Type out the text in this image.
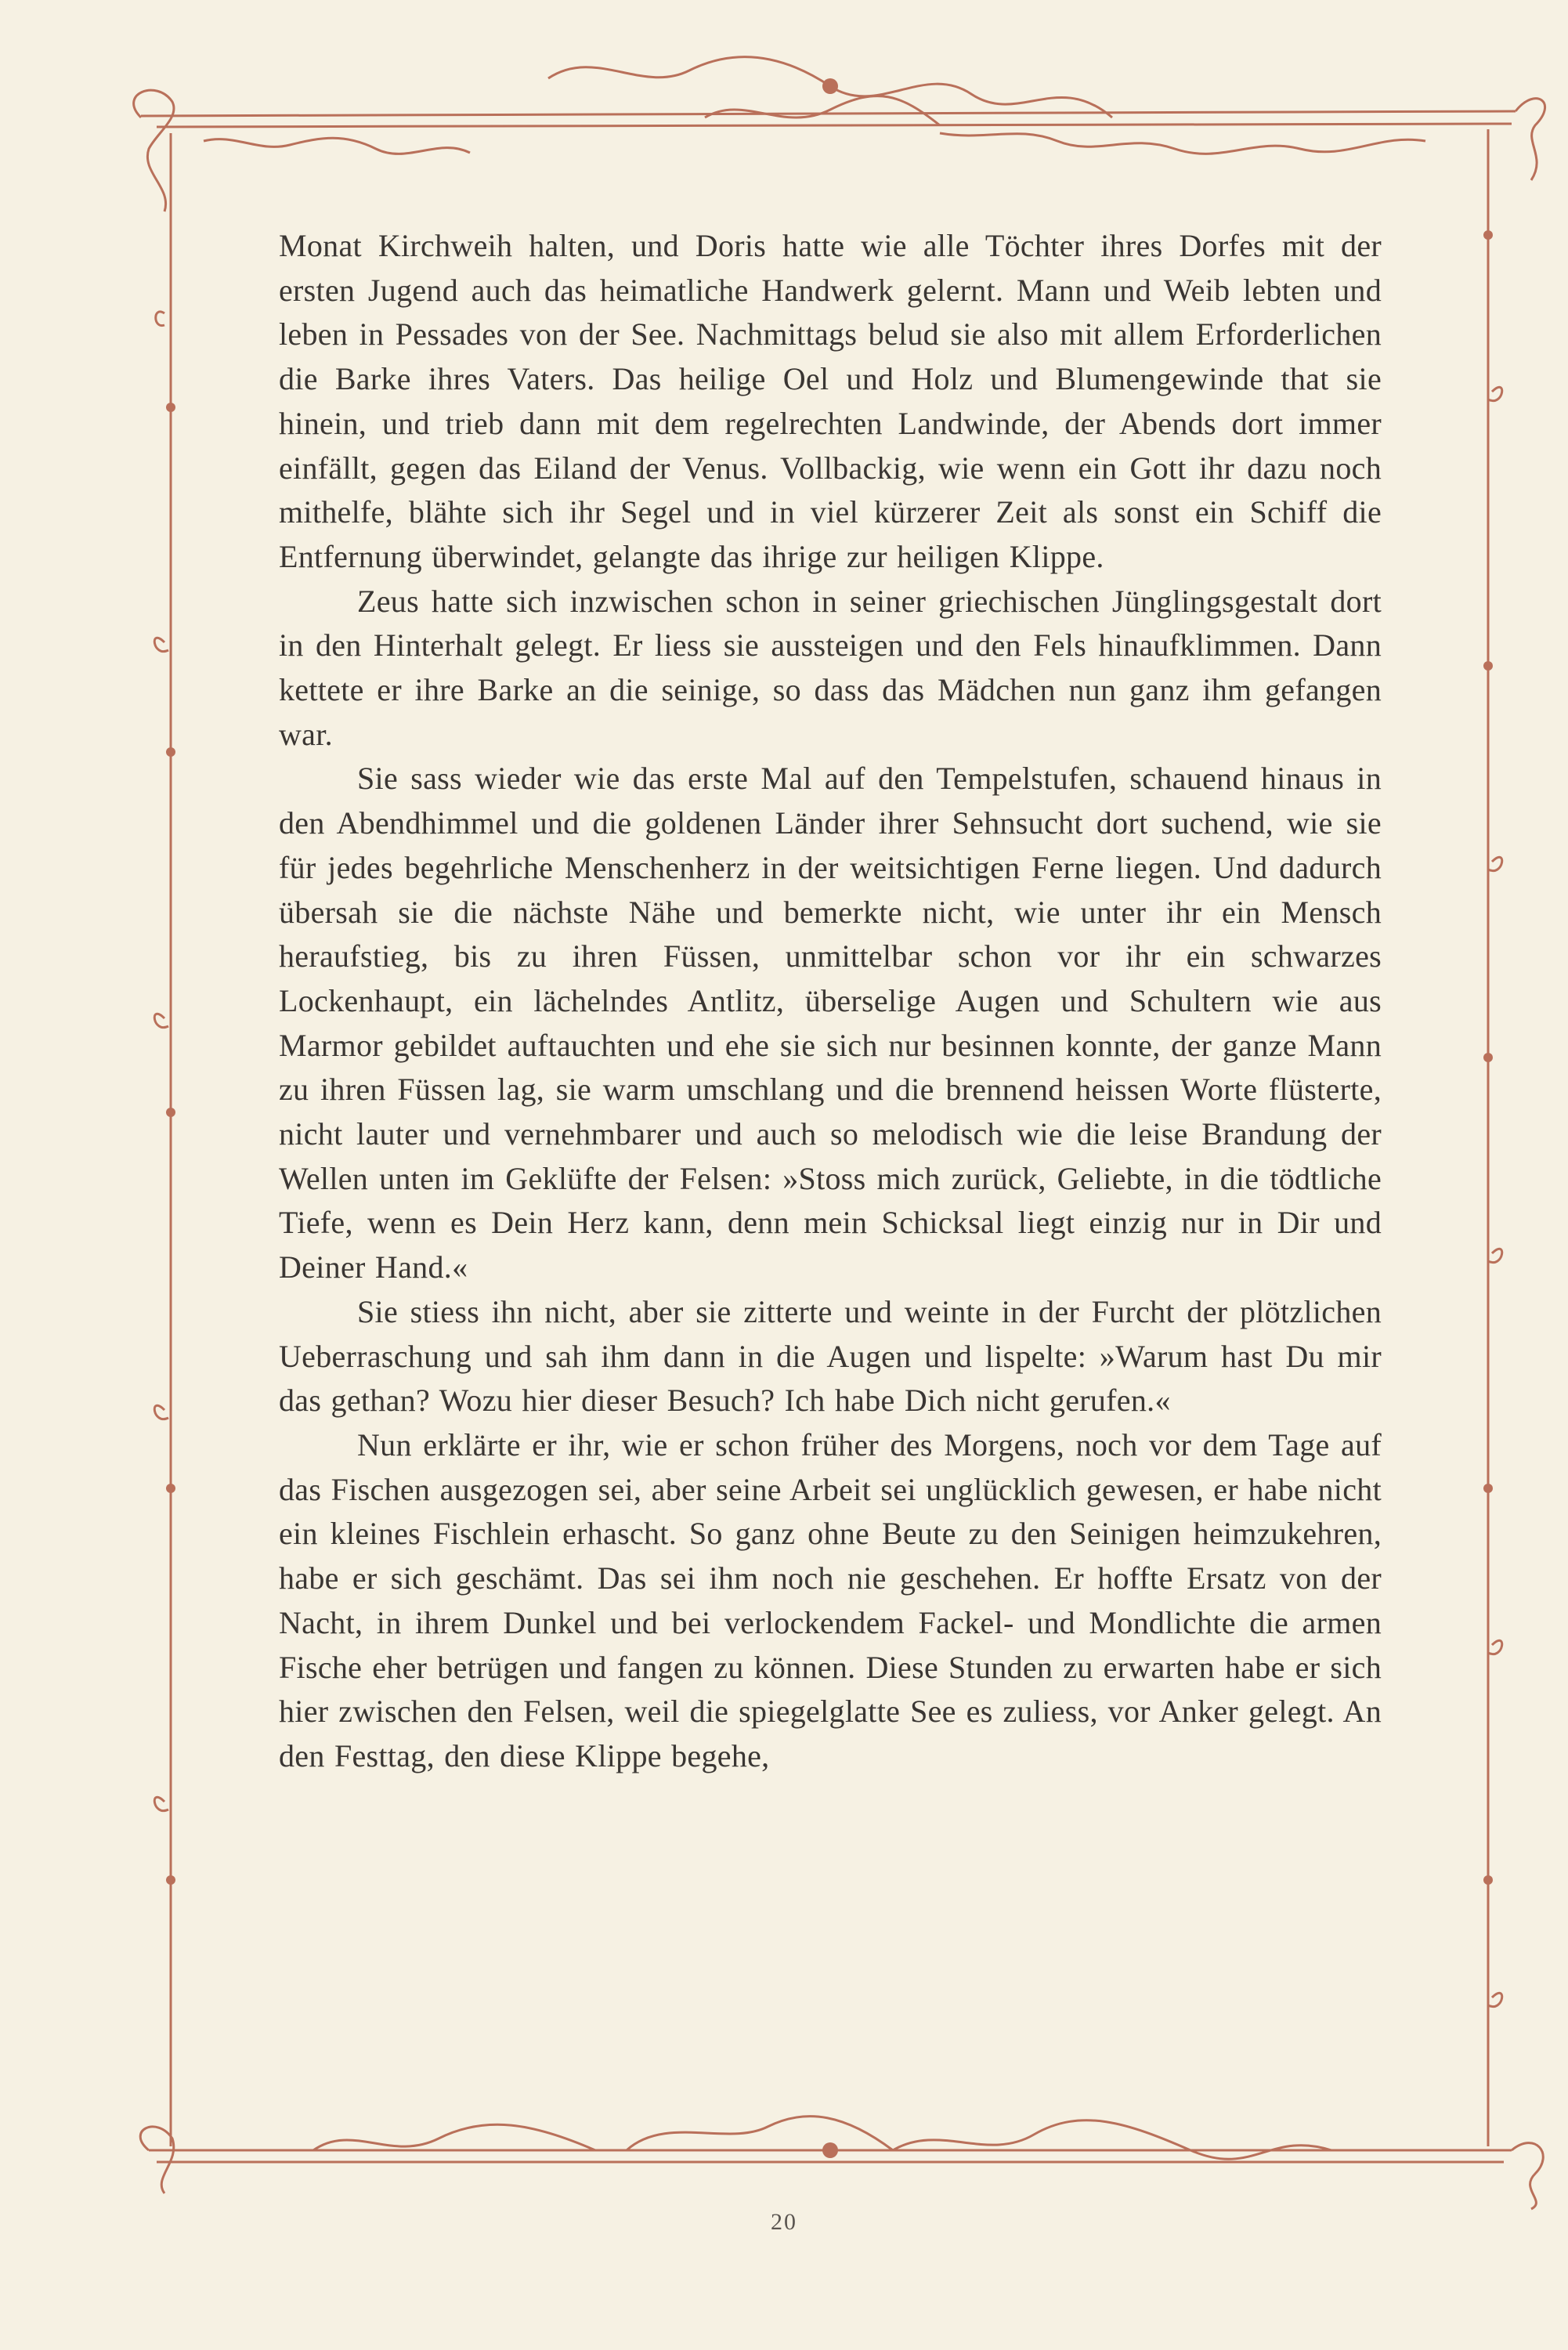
Monat Kirchweih halten, und Doris hatte wie alle Töchter ihres Dorfes mit der ersten Jugend auch das heimatliche Handwerk gelernt. Mann und Weib lebten und leben in Pessades von der See. Nachmittags belud sie also mit allem Erforderlichen die Barke ihres Vaters. Das heilige Oel und Holz und Blumengewinde that sie hinein, und trieb dann mit dem regelrechten Landwinde, der Abends dort immer einfällt, gegen das Eiland der Venus. Vollbackig, wie wenn ein Gott ihr dazu noch mithelfe, blähte sich ihr Segel und in viel kürzerer Zeit als sonst ein Schiff die Entfernung überwindet, gelangte das ihrige zur heiligen Klippe.

Zeus hatte sich inzwischen schon in seiner griechischen Jünglingsgestalt dort in den Hinterhalt gelegt. Er liess sie aussteigen und den Fels hinaufklimmen. Dann kettete er ihre Barke an die seinige, so dass das Mädchen nun ganz ihm gefangen war.

Sie sass wieder wie das erste Mal auf den Tempelstufen, schauend hinaus in den Abendhimmel und die goldenen Länder ihrer Sehnsucht dort suchend, wie sie für jedes begehrliche Menschenherz in der weitsichtigen Ferne liegen. Und dadurch übersah sie die nächste Nähe und bemerkte nicht, wie unter ihr ein Mensch heraufstieg, bis zu ihren Füssen, unmittelbar schon vor ihr ein schwarzes Lockenhaupt, ein lächelndes Antlitz, überselige Augen und Schultern wie aus Marmor gebildet auftauchten und ehe sie sich nur besinnen konnte, der ganze Mann zu ihren Füssen lag, sie warm umschlang und die brennend heissen Worte flüsterte, nicht lauter und vernehmbarer und auch so melodisch wie die leise Brandung der Wellen unten im Geklüfte der Felsen: »Stoss mich zurück, Geliebte, in die tödtliche Tiefe, wenn es Dein Herz kann, denn mein Schicksal liegt einzig nur in Dir und Deiner Hand.«

Sie stiess ihn nicht, aber sie zitterte und weinte in der Furcht der plötzlichen Ueberraschung und sah ihm dann in die Augen und lispelte: »Warum hast Du mir das gethan? Wozu hier dieser Besuch? Ich habe Dich nicht gerufen.«

Nun erklärte er ihr, wie er schon früher des Morgens, noch vor dem Tage auf das Fischen ausgezogen sei, aber seine Arbeit sei unglücklich gewesen, er habe nicht ein kleines Fischlein erhascht. So ganz ohne Beute zu den Seinigen heimzukehren, habe er sich geschämt. Das sei ihm noch nie geschehen. Er hoffte Ersatz von der Nacht, in ihrem Dunkel und bei verlockendem Fackel- und Mondlichte die armen Fische eher betrügen und fangen zu können. Diese Stunden zu erwarten habe er sich hier zwischen den Felsen, weil die spiegelglatte See es zuliess, vor Anker gelegt. An den Festtag, den diese Klippe begehe,

20
